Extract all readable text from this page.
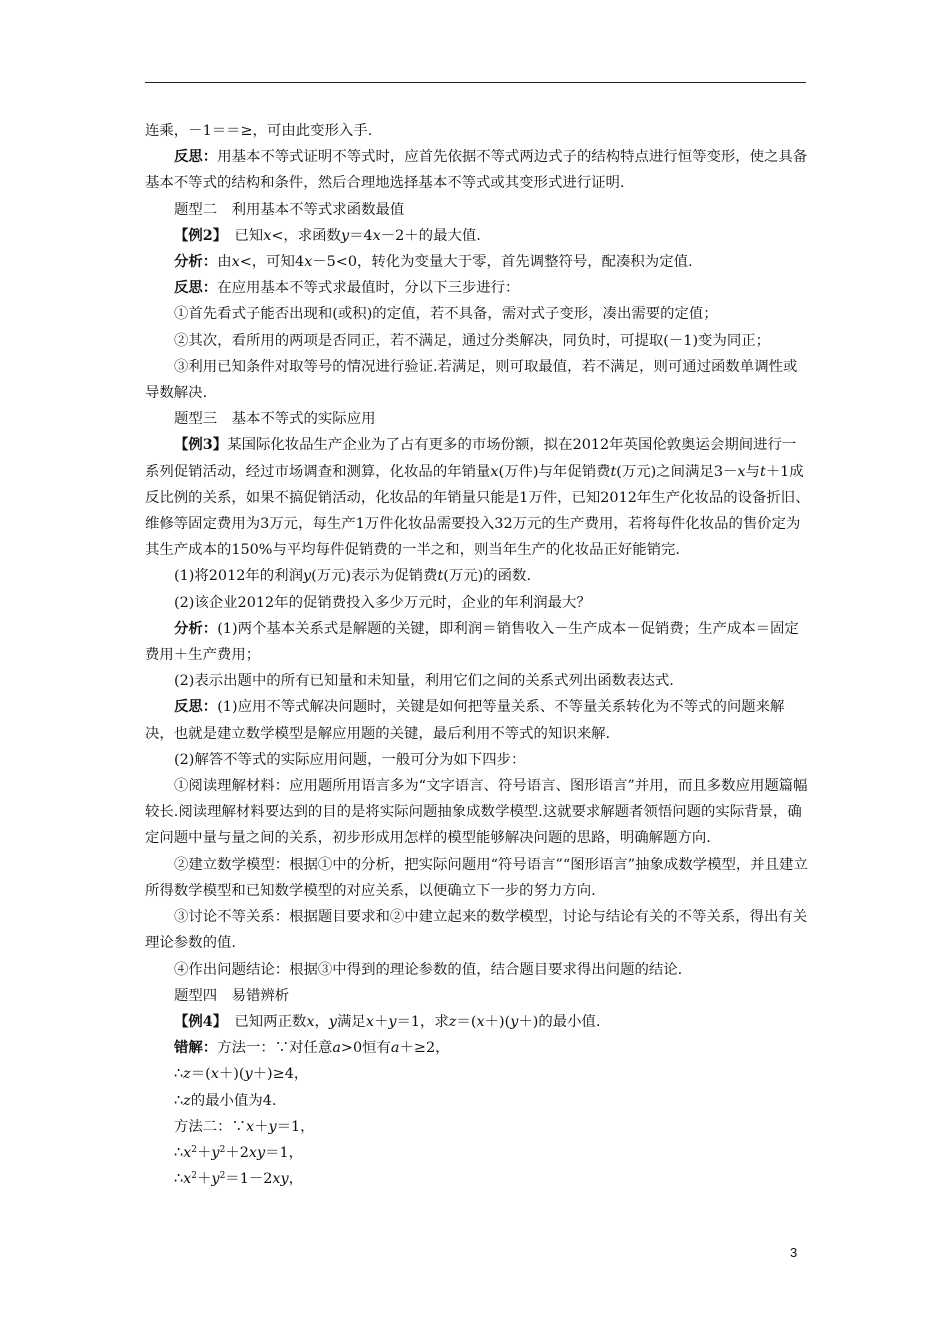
连乘，－1＝＝≥，可由此变形入手.

反思：用基本不等式证明不等式时，应首先依据不等式两边式子的结构特点进行恒等变形，使之具备基本不等式的结构和条件，然后合理地选择基本不等式或其变形式进行证明.

题型二　利用基本不等式求函数最值

【例2】　已知x<，求函数y＝4x－2＋的最大值.

分析：由x<，可知4x－5<0，转化为变量大于零，首先调整符号，配凑积为定值.

反思：在应用基本不等式求最值时，分以下三步进行：

①首先看式子能否出现和(或积)的定值，若不具备，需对式子变形，凑出需要的定值；

②其次，看所用的两项是否同正，若不满足，通过分类解决，同负时，可提取(－1)变为同正；

③利用已知条件对取等号的情况进行验证.若满足，则可取最值，若不满足，则可通过函数单调性或导数解决.

题型三　基本不等式的实际应用

【例3】某国际化妆品生产企业为了占有更多的市场份额，拟在2012年英国伦敦奥运会期间进行一系列促销活动，经过市场调查和测算，化妆品的年销量x(万件)与年促销费t(万元)之间满足3－x与t＋1成反比例的关系，如果不搞促销活动，化妆品的年销量只能是1万件，已知2012年生产化妆品的设备折旧、维修等固定费用为3万元，每生产1万件化妆品需要投入32万元的生产费用，若将每件化妆品的售价定为其生产成本的150%与平均每件促销费的一半之和，则当年生产的化妆品正好能销完.

(1)将2012年的利润y(万元)表示为促销费t(万元)的函数.

(2)该企业2012年的促销费投入多少万元时，企业的年利润最大？

分析：(1)两个基本关系式是解题的关键，即利润＝销售收入－生产成本－促销费；生产成本＝固定费用＋生产费用；

(2)表示出题中的所有已知量和未知量，利用它们之间的关系式列出函数表达式.

反思：(1)应用不等式解决问题时，关键是如何把等量关系、不等量关系转化为不等式的问题来解决，也就是建立数学模型是解应用题的关键，最后利用不等式的知识来解.

(2)解答不等式的实际应用问题，一般可分为如下四步：

①阅读理解材料：应用题所用语言多为“文字语言、符号语言、图形语言”并用，而且多数应用题篇幅较长.阅读理解材料要达到的目的是将实际问题抽象成数学模型.这就要求解题者领悟问题的实际背景，确定问题中量与量之间的关系，初步形成用怎样的模型能够解决问题的思路，明确解题方向.

②建立数学模型：根据①中的分析，把实际问题用“符号语言”“图形语言”抽象成数学模型，并且建立所得数学模型和已知数学模型的对应关系，以便确立下一步的努力方向.

③讨论不等关系：根据题目要求和②中建立起来的数学模型，讨论与结论有关的不等关系，得出有关理论参数的值.

④作出问题结论：根据③中得到的理论参数的值，结合题目要求得出问题的结论.

题型四　易错辨析

【例4】　已知两正数x，y满足x＋y＝1，求z＝(x＋)(y＋)的最小值.

错解：方法一：∵对任意a>0恒有a＋≥2，

∴z＝(x＋)(y＋)≥4，

∴z的最小值为4.

方法二：∵x＋y＝1，

$\therefore x^2+y^2+2xy=1$，

$\therefore x^2+y^2=1-2xy$，

3
